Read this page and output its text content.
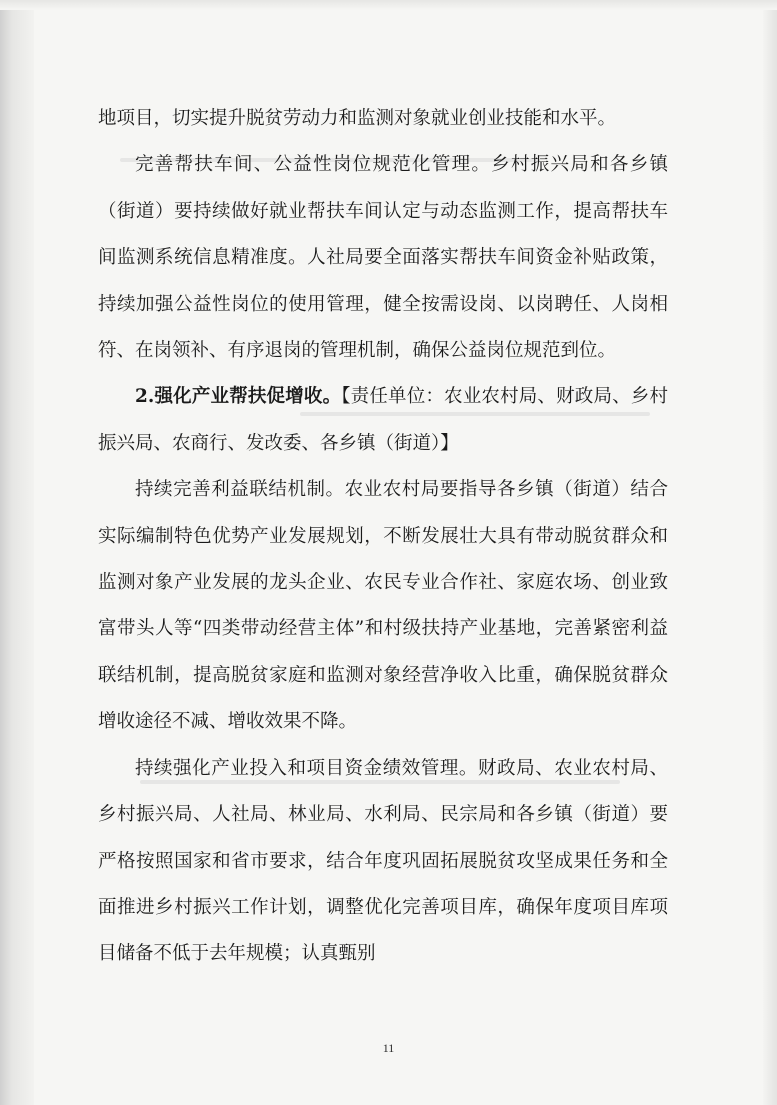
地项目，切实提升脱贫劳动力和监测对象就业创业技能和水平。

完善帮扶车间、公益性岗位规范化管理。乡村振兴局和各乡镇（街道）要持续做好就业帮扶车间认定与动态监测工作，提高帮扶车间监测系统信息精准度。人社局要全面落实帮扶车间资金补贴政策，持续加强公益性岗位的使用管理，健全按需设岗、以岗聘任、人岗相符、在岗领补、有序退岗的管理机制，确保公益岗位规范到位。

2.强化产业帮扶促增收。【责任单位：农业农村局、财政局、乡村振兴局、农商行、发改委、各乡镇（街道）】

持续完善利益联结机制。农业农村局要指导各乡镇（街道）结合实际编制特色优势产业发展规划，不断发展壮大具有带动脱贫群众和监测对象产业发展的龙头企业、农民专业合作社、家庭农场、创业致富带头人等“四类带动经营主体”和村级扶持产业基地，完善紧密利益联结机制，提高脱贫家庭和监测对象经营净收入比重，确保脱贫群众增收途径不减、增收效果不降。

持续强化产业投入和项目资金绩效管理。财政局、农业农村局、乡村振兴局、人社局、林业局、水利局、民宗局和各乡镇（街道）要严格按照国家和省市要求，结合年度巩固拓展脱贫攻坚成果任务和全面推进乡村振兴工作计划，调整优化完善项目库，确保年度项目库项目储备不低于去年规模；认真甄别

11
